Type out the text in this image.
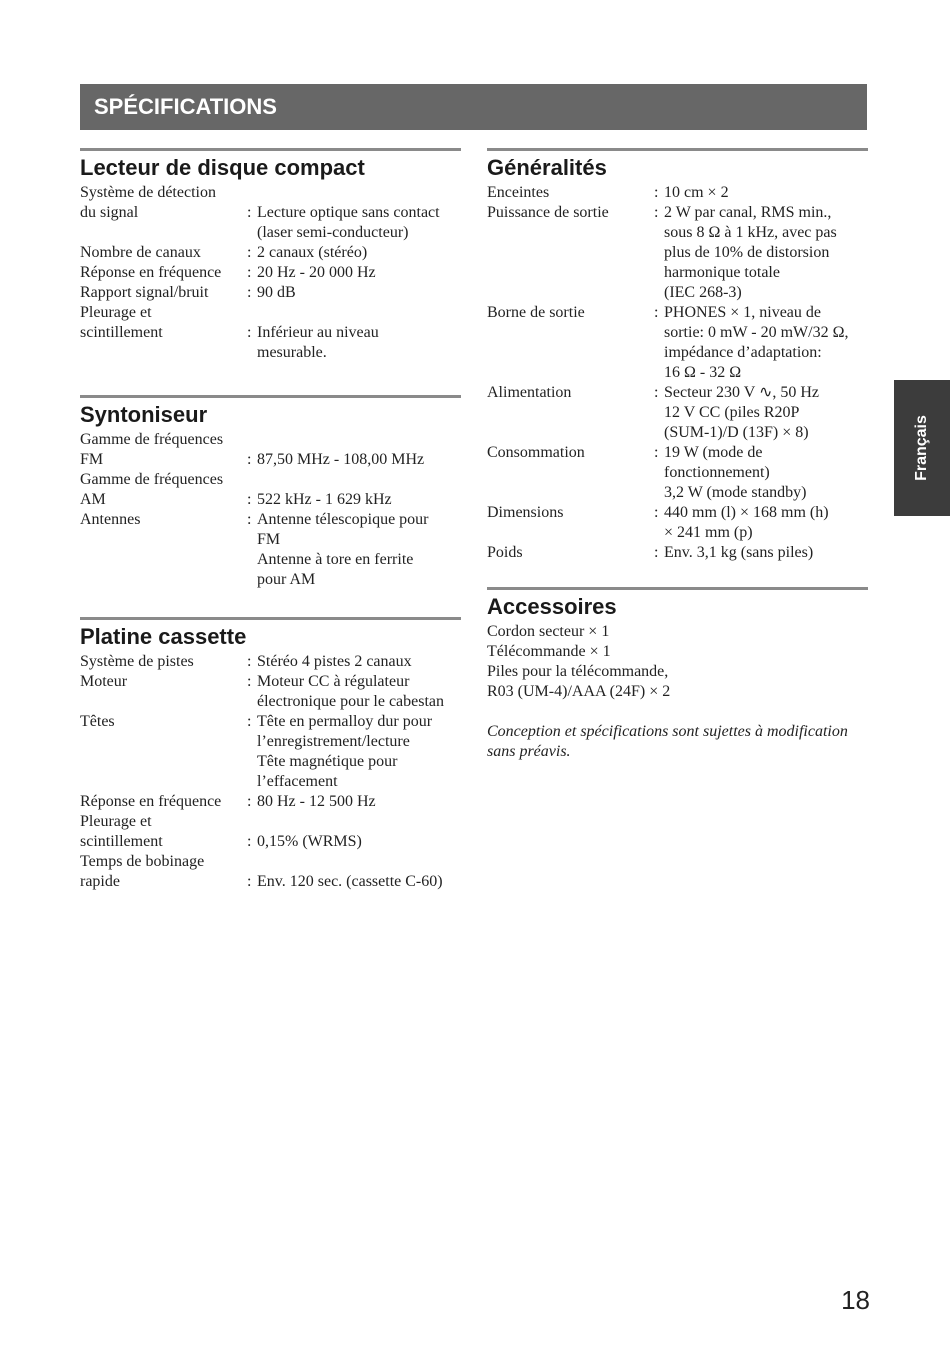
SPÉCIFICATIONS
Lecteur de disque compact
Système de détection
du signal	: Lecture optique sans contact
(laser semi-conducteur)
Nombre de canaux	: 2 canaux (stéréo)
Réponse en fréquence	: 20 Hz - 20 000 Hz
Rapport signal/bruit	: 90 dB
Pleurage et
scintillement	: Inférieur au niveau
mesurable.
Syntoniseur
Gamme de fréquences
FM	: 87,50 MHz - 108,00 MHz
Gamme de fréquences
AM	: 522 kHz - 1 629 kHz
Antennes	: Antenne télescopique pour
FM
Antenne à tore en ferrite
pour AM
Platine cassette
Système de pistes	: Stéréo 4 pistes 2 canaux
Moteur	: Moteur CC à régulateur
électronique pour le cabestan
Têtes	: Tête en permalloy dur pour
l’enregistrement/lecture
Tête magnétique pour
l’effacement
Réponse en fréquence	: 80 Hz - 12 500 Hz
Pleurage et
scintillement	: 0,15% (WRMS)
Temps de bobinage
rapide	: Env. 120 sec. (cassette C-60)
Généralités
Enceintes	: 10 cm × 2
Puissance de sortie	: 2 W par canal, RMS min.,
sous 8 Ω à 1 kHz, avec pas
plus de 10% de distorsion
harmonique totale
(IEC 268-3)
Borne de sortie	: PHONES × 1, niveau de
sortie: 0 mW - 20 mW/32 Ω,
impédance d’adaptation:
16 Ω - 32 Ω
Alimentation	: Secteur 230 V ∿, 50 Hz
12 V CC (piles R20P
(SUM-1)/D (13F) × 8)
Consommation	: 19 W (mode de
fonctionnement)
3,2 W (mode standby)
Dimensions	: 440 mm (l) × 168 mm (h)
× 241 mm (p)
Poids	: Env. 3,1 kg (sans piles)
Accessoires
Cordon secteur × 1
Télécommande × 1
Piles pour la télécommande,
R03 (UM-4)/AAA (24F) × 2
Conception et spécifications sont sujettes à modification
sans préavis.
Français
18
